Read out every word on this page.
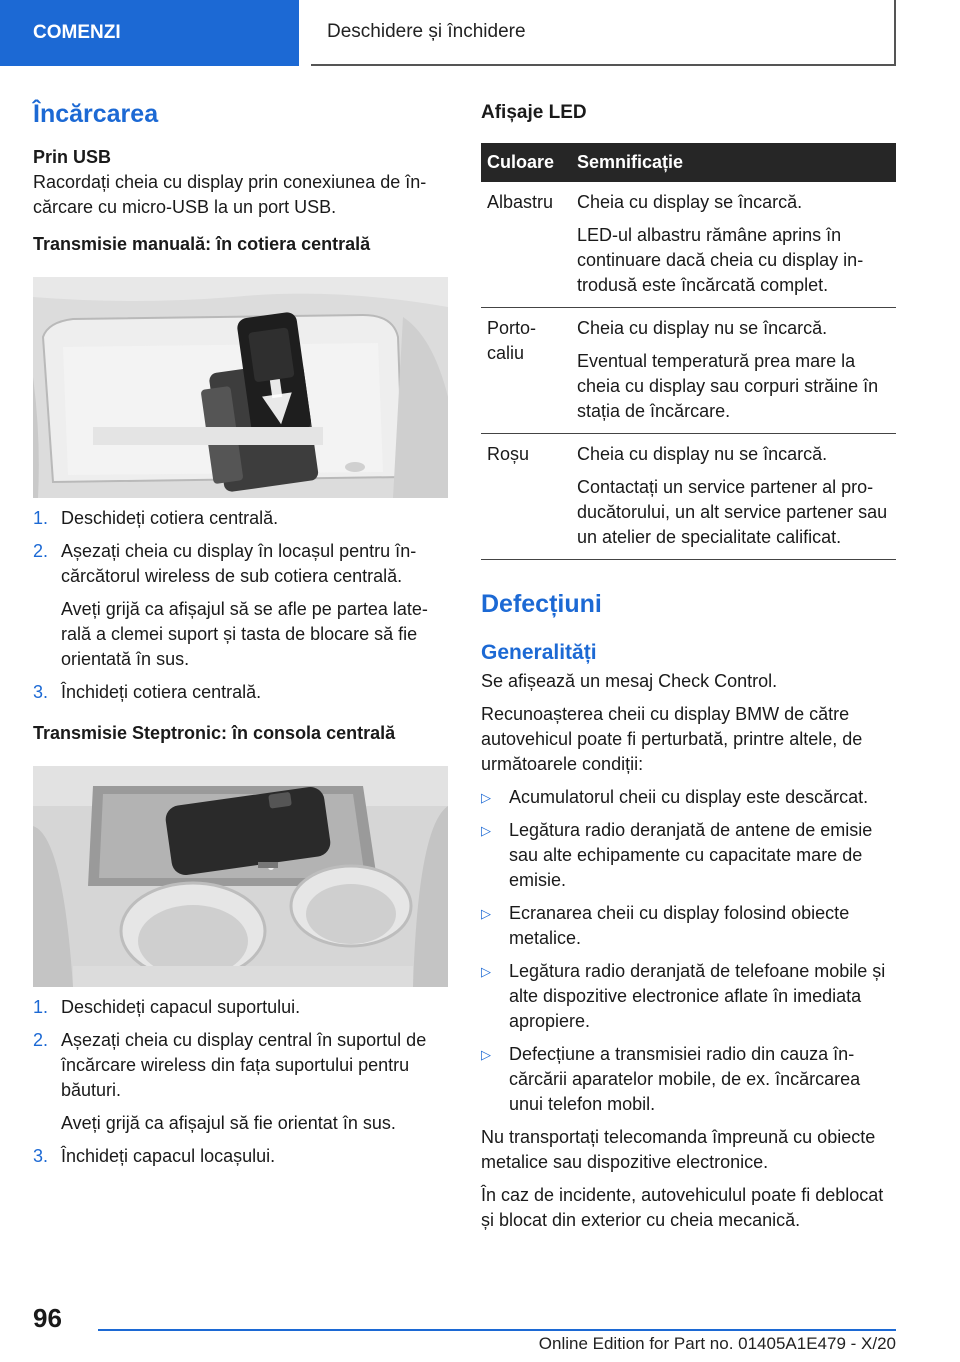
COMENZI	Deschidere și închidere
Încărcarea
Prin USB
Racordați cheia cu display prin conexiunea de încărcare cu micro-USB la un port USB.
Transmisie manuală: în cotiera centrală
1. Deschideți cotiera centrală.
2. Așezați cheia cu display în locașul pentru încărcătorul wireless de sub cotiera centrală.
Aveți grijă ca afișajul să se afle pe partea laterală a clemei suport și tasta de blocare să fie orientată în sus.
3. Închideți cotiera centrală.
Transmisie Steptronic: în consola centrală
1. Deschideți capacul suportului.
2. Așezați cheia cu display central în suportul de încărcare wireless din fața suportului pentru băuturi.
Aveți grijă ca afișajul să fie orientat în sus.
3. Închideți capacul locașului.
Afișaje LED
Culoare	Semnificație
Albastru	Cheia cu display se încarcă.
LED-ul albastru rămâne aprins în continuare dacă cheia cu display introdusă este încărcată complet.

Portocaliu	Cheia cu display nu se încarcă.
Eventual temperatură prea mare la cheia cu display sau corpuri străine în stația de încărcare.

Roșu	Cheia cu display nu se încarcă.
Contactați un service partener al producătorului, un alt service partener sau un atelier de specialitate calificat.
Defecțiuni
Generalități
Se afișează un mesaj Check Control.
Recunoașterea cheii cu display BMW de către autovehicul poate fi perturbată, printre altele, de următoarele condiții:
▷ Acumulatorul cheii cu display este descărcat.
▷ Legătura radio deranjată de antene de emisie sau alte echipamente cu capacitate mare de emisie.
▷ Ecranarea cheii cu display folosind obiecte metalice.
▷ Legătura radio deranjată de telefoane mobile și alte dispozitive electronice aflate în imediata apropiere.
▷ Defecțiune a transmisiei radio din cauza încărcării aparatelor mobile, de ex. încărcarea unui telefon mobil.
Nu transportați telecomanda împreună cu obiecte metalice sau dispozitive electronice.
În caz de incidente, autovehiculul poate fi deblocat și blocat din exterior cu cheia mecanică.
96
Online Edition for Part no. 01405A1E479 - X/20
